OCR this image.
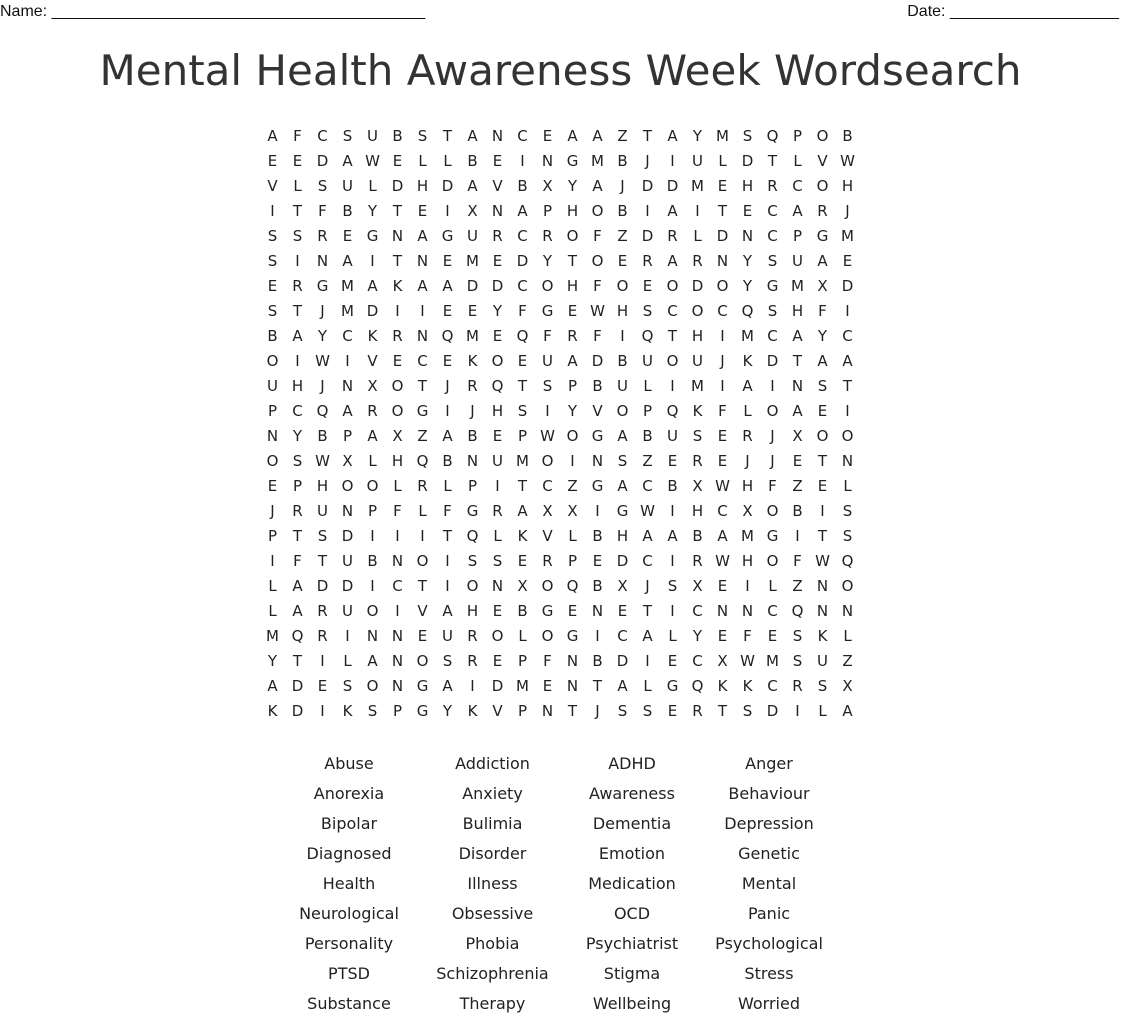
Name: __________________________________________	Date: ___________________
Mental Health Awareness Week Wordsearch
A	F	C	S U B	S	T	A N C	E	A A Z	T	A	Y M S Q P O B
E	E D A W E	L	L	B	E	I	N G M B	J	I	U	L	D T	L	V W
V	L	S U	L	D H D A V B X	Y	A	J	D D M E H R C O H
I	T	F	B	Y	T	E	I	X N A	P H O B	I	A	I	T	E	C A R	J
S	S	R	E G N A G U R C R O F	Z D R	L	D N C	P G M
S	I	N A	I	T N E M E D Y	T O E	R A R N Y	S U A	E
E	R G M A K A A D D C O H	F O E O D O Y G M X D
S	T	J	M D	I	I	E	E	Y	F G E W H S C O C Q S H	F	I
B A	Y	C K R N Q M E Q F	R	F	I	Q T H	I	M C A	Y	C
O	I	W	I	V	E	C	E	K O E U A D B U O U	J	K D T	A A
U H	J	N X O T	J	R Q T	S	P	B U	L	I	M	I	A	I	N S	T
P	C Q A R O G	I	J	H S	I	Y	V O P Q K	F	L O A	E	I
N Y	B	P	A X Z A B	E	P W O G A B U S	E	R	J	X O O
O S W X	L	H Q B N U M O	I	N S	Z	E	R	E	J	J	E	T N
E	P H O O L	R	L	P	I	T	C Z G A C B X W H	F	Z	E	L
J	R U N P	F	L	F G R A X X	I	G W	I	H C X O B	I	S
P	T	S D	I	I	I	T Q L	K V	L	B H A A B A M G	I	T	S
I	F	T U B N O	I	S	S	E	R	P	E D C	I	R W H O F W Q
L	A D D	I	C	T	I	O N X O Q B X	J	S	X	E	I	L	Z N O
L	A R U O	I	V A H E	B G E N E	T	I	C N N C Q N N
M Q R	I	N N E U R O L O G	I	C A	L	Y	E	F	E	S	K	L
Y	T	I	L	A N O S	R	E	P	F	N B D	I	E	C X W M S U Z
A D E	S O N G A	I	D M E N T	A	L	G Q K	K C R	S	X
K D	I	K	S	P G Y	K V	P N T	J	S	S	E	R	T	S D	I	L	A
Abuse	Addiction	ADHD	Anger
Anorexia	Anxiety	Awareness	Behaviour
Bipolar	Bulimia	Dementia	Depression
Diagnosed	Disorder	Emotion	Genetic
Health	Illness	Medication	Mental
Neurological	Obsessive	OCD	Panic
Personality	Phobia	Psychiatrist	Psychological
PTSD	Schizophrenia	Stigma	Stress
Substance	Therapy	Wellbeing	Worried
